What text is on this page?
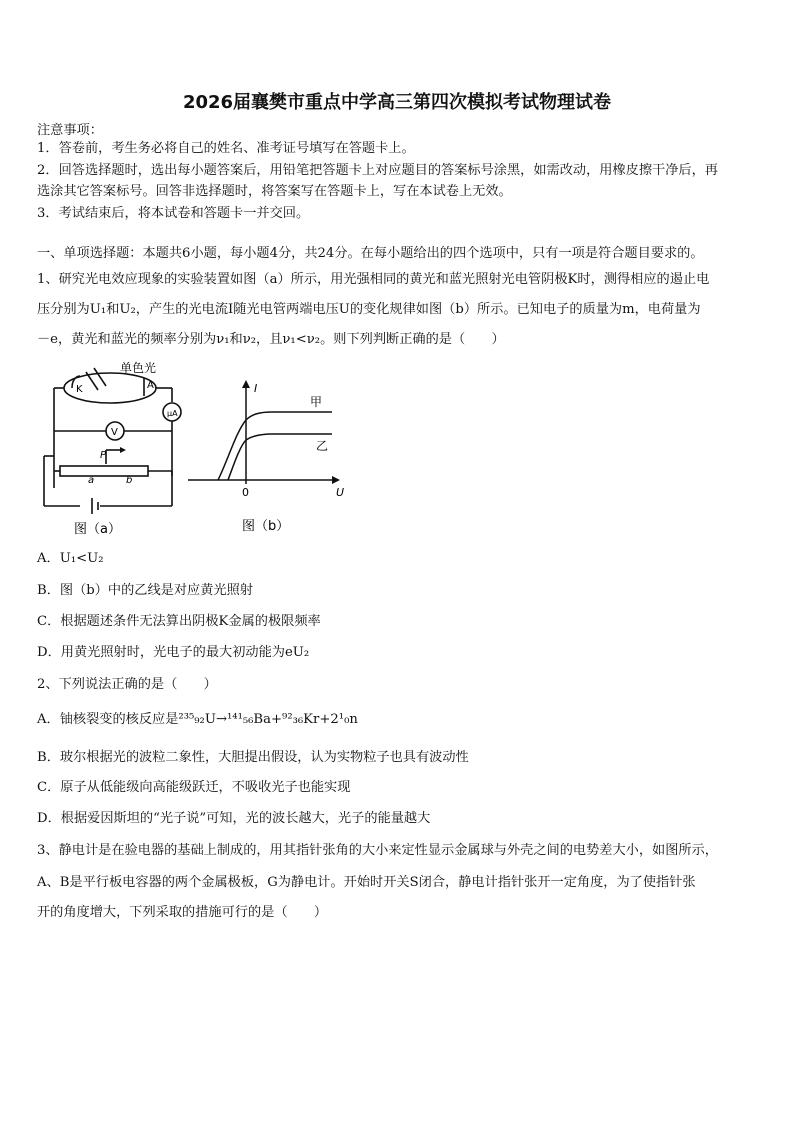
2026届襄樊市重点中学高三第四次模拟考试物理试卷
注意事项：
1．答卷前，考生务必将自己的姓名、准考证号填写在答题卡上。
2．回答选择题时，选出每小题答案后，用铅笔把答题卡上对应题目的答案标号涂黑，如需改动，用橡皮擦干净后，再
选涂其它答案标号。回答非选择题时，将答案写在答题卡上，写在本试卷上无效。
3．考试结束后，将本试卷和答题卡一并交回。
一、单项选择题：本题共6小题，每小题4分，共24分。在每小题给出的四个选项中，只有一项是符合题目要求的。
1、研究光电效应现象的实验装置如图（a）所示，用光强相同的黄光和蓝光照射光电管阴极K时，测得相应的遏止电
压分别为U₁和U₂，产生的光电流I随光电管两端电压U的变化规律如图（b）所示。已知电子的质量为m，电荷量为
－e，黄光和蓝光的频率分别为ν₁和ν₂，且ν₁<ν₂。则下列判断正确的是（　　）
单色光
K	A
μA
V
P
a	b
图（a）
I
U
0
甲
乙
图（b）
A．U₁<U₂
B．图（b）中的乙线是对应黄光照射
C．根据题述条件无法算出阴极K金属的极限频率
D．用黄光照射时，光电子的最大初动能为eU₂
2、下列说法正确的是（　　）
A．铀核裂变的核反应是²³⁵₉₂U→¹⁴¹₅₆Ba+⁹²₃₆Kr+2¹₀n
B．玻尔根据光的波粒二象性，大胆提出假设，认为实物粒子也具有波动性
C．原子从低能级向高能级跃迁，不吸收光子也能实现
D．根据爱因斯坦的“光子说”可知，光的波长越大，光子的能量越大
3、静电计是在验电器的基础上制成的，用其指针张角的大小来定性显示金属球与外壳之间的电势差大小，如图所示，
A、B是平行板电容器的两个金属极板，G为静电计。开始时开关S闭合，静电计指针张开一定角度，为了使指针张
开的角度增大，下列采取的措施可行的是（　　）
